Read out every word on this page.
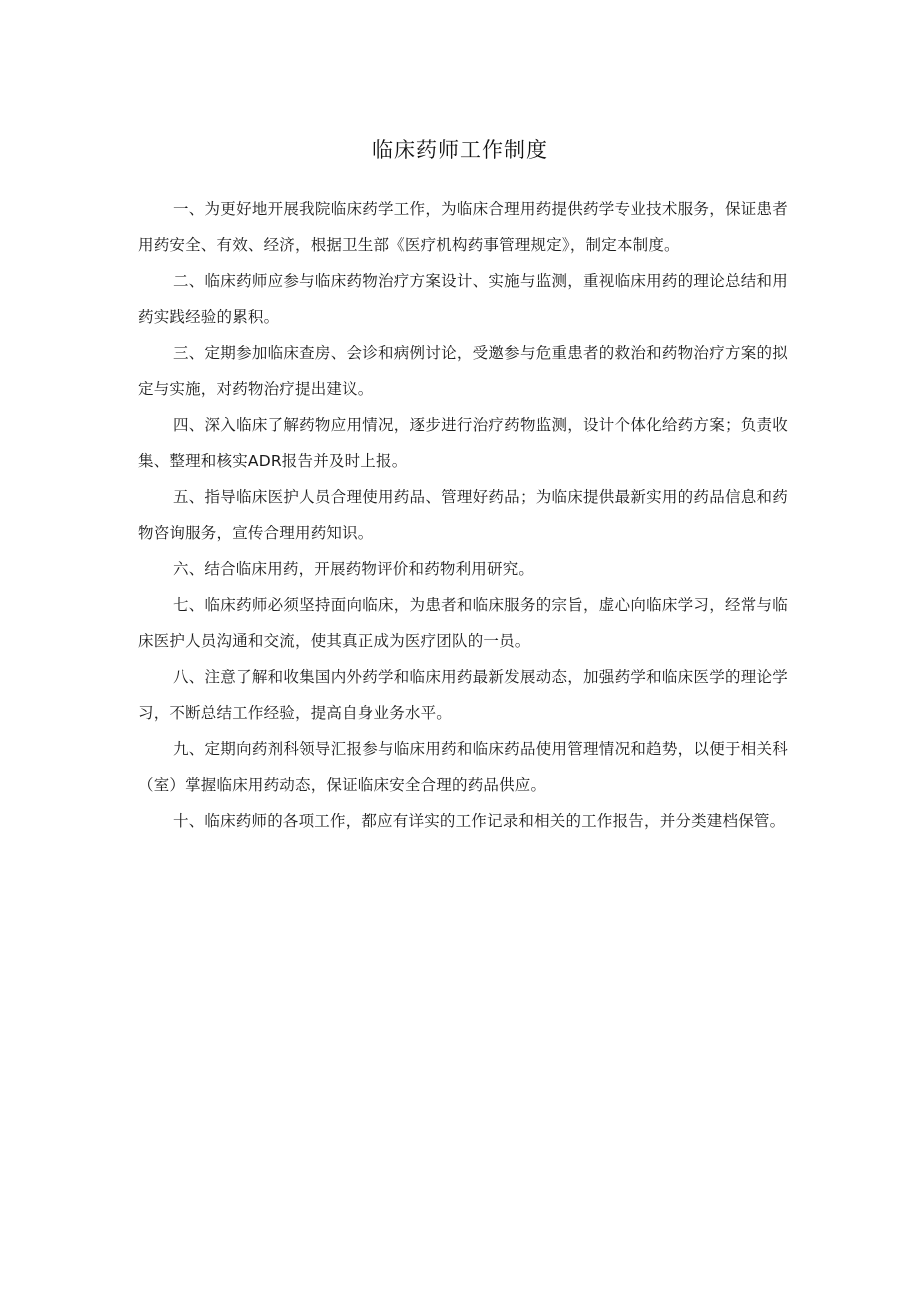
临床药师工作制度

一、为更好地开展我院临床药学工作，为临床合理用药提供药学专业技术服务，保证患者用药安全、有效、经济，根据卫生部《医疗机构药事管理规定》，制定本制度。

二、临床药师应参与临床药物治疗方案设计、实施与监测，重视临床用药的理论总结和用药实践经验的累积。

三、定期参加临床查房、会诊和病例讨论，受邀参与危重患者的救治和药物治疗方案的拟定与实施，对药物治疗提出建议。

四、深入临床了解药物应用情况，逐步进行治疗药物监测，设计个体化给药方案；负责收集、整理和核实ADR报告并及时上报。

五、指导临床医护人员合理使用药品、管理好药品；为临床提供最新实用的药品信息和药物咨询服务，宣传合理用药知识。

六、结合临床用药，开展药物评价和药物利用研究。

七、临床药师必须坚持面向临床，为患者和临床服务的宗旨，虚心向临床学习，经常与临床医护人员沟通和交流，使其真正成为医疗团队的一员。

八、注意了解和收集国内外药学和临床用药最新发展动态，加强药学和临床医学的理论学习，不断总结工作经验，提高自身业务水平。

九、定期向药剂科领导汇报参与临床用药和临床药品使用管理情况和趋势，以便于相关科（室）掌握临床用药动态，保证临床安全合理的药品供应。

十、临床药师的各项工作，都应有详实的工作记录和相关的工作报告，并分类建档保管。
